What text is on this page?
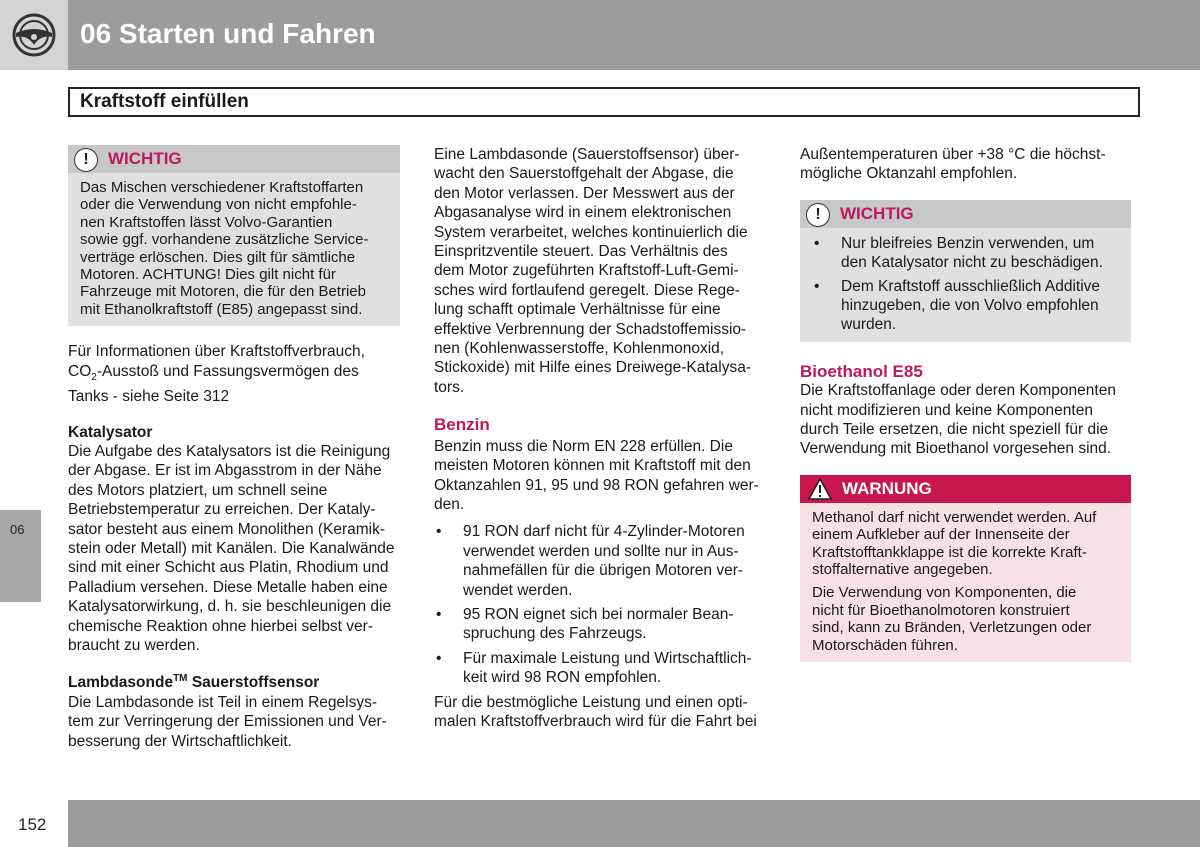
06 Starten und Fahren
Kraftstoff einfüllen
06
!	WICHTIG
Das Mischen verschiedener Kraftstoffarten
oder die Verwendung von nicht empfohle-
nen Kraftstoffen lässt Volvo-Garantien
sowie ggf. vorhandene zusätzliche Service-
verträge erlöschen. Dies gilt für sämtliche
Motoren. ACHTUNG! Dies gilt nicht für
Fahrzeuge mit Motoren, die für den Betrieb
mit Ethanolkraftstoff (E85) angepasst sind.
Für Informationen über Kraftstoffverbrauch,
$CO_2$-Ausstoß und Fassungsvermögen des
Tanks - siehe Seite 312
Katalysator
Die Aufgabe des Katalysators ist die Reinigung
der Abgase. Er ist im Abgasstrom in der Nähe
des Motors platziert, um schnell seine
Betriebstemperatur zu erreichen. Der Kataly-
sator besteht aus einem Monolithen (Keramik-
stein oder Metall) mit Kanälen. Die Kanalwände
sind mit einer Schicht aus Platin, Rhodium und
Palladium versehen. Diese Metalle haben eine
Katalysatorwirkung, d. h. sie beschleunigen die
chemische Reaktion ohne hierbei selbst ver-
braucht zu werden.
Lambdasonde™ Sauerstoffsensor
Die Lambdasonde ist Teil in einem Regelsys-
tem zur Verringerung der Emissionen und Ver-
besserung der Wirtschaftlichkeit.
Eine Lambdasonde (Sauerstoffsensor) über-
wacht den Sauerstoffgehalt der Abgase, die
den Motor verlassen. Der Messwert aus der
Abgasanalyse wird in einem elektronischen
System verarbeitet, welches kontinuierlich die
Einspritzventile steuert. Das Verhältnis des
dem Motor zugeführten Kraftstoff-Luft-Gemi-
sches wird fortlaufend geregelt. Diese Rege-
lung schafft optimale Verhältnisse für eine
effektive Verbrennung der Schadstoffemissio-
nen (Kohlenwasserstoffe, Kohlenmonoxid,
Stickoxide) mit Hilfe eines Dreiwege-Katalysa-
tors.
Benzin
Benzin muss die Norm EN 228 erfüllen. Die
meisten Motoren können mit Kraftstoff mit den
Oktanzahlen 91, 95 und 98 RON gefahren wer-
den.
• 91 RON darf nicht für 4-Zylinder-Motoren
verwendet werden und sollte nur in Aus-
nahmefällen für die übrigen Motoren ver-
wendet werden.
• 95 RON eignet sich bei normaler Bean-
spruchung des Fahrzeugs.
• Für maximale Leistung und Wirtschaftlich-
keit wird 98 RON empfohlen.
Für die bestmögliche Leistung und einen opti-
malen Kraftstoffverbrauch wird für die Fahrt bei
Außentemperaturen über +38 °C die höchst-
mögliche Oktanzahl empfohlen.
!	WICHTIG
• Nur bleifreies Benzin verwenden, um
den Katalysator nicht zu beschädigen.
• Dem Kraftstoff ausschließlich Additive
hinzugeben, die von Volvo empfohlen
wurden.
Bioethanol E85
Die Kraftstoffanlage oder deren Komponenten
nicht modifizieren und keine Komponenten
durch Teile ersetzen, die nicht speziell für die
Verwendung mit Bioethanol vorgesehen sind.
WARNUNG
Methanol darf nicht verwendet werden. Auf
einem Aufkleber auf der Innenseite der
Kraftstofftankklappe ist die korrekte Kraft-
stoffalternative angegeben.
Die Verwendung von Komponenten, die
nicht für Bioethanolmotoren konstruiert
sind, kann zu Bränden, Verletzungen oder
Motorschäden führen.
152
